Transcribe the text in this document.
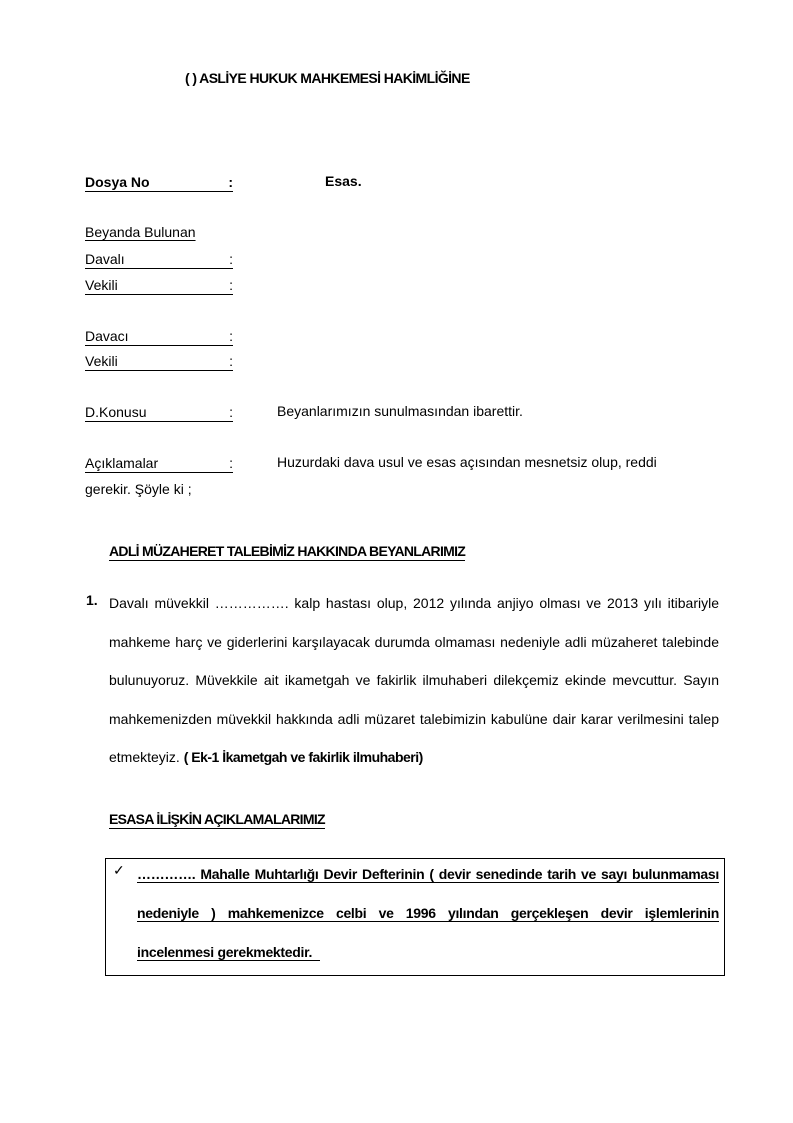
( ) ASLİYE HUKUK MAHKEMESİ HAKİMLİĞİNE
Dosya No	:	Esas.
Beyanda Bulunan
Davalı	:
Vekili	:
Davacı	:
Vekili	:
D.Konusu	:	Beyanlarımızın sunulmasından ibarettir.
Açıklamalar	:	Huzurdaki dava usul ve esas açısından mesnetsiz olup, reddi
gerekir. Şöyle ki ;
ADLİ MÜZAHERET TALEBİMİZ HAKKINDA BEYANLARIMIZ
1. Davalı müvekkil ……………. kalp hastası olup, 2012 yılında anjiyo olması ve 2013 yılı itibariyle mahkeme harç ve giderlerini karşılayacak durumda olmaması nedeniyle adli müzaheret talebinde bulunuyoruz. Müvekkile ait ikametgah ve fakirlik ilmuhaberi dilekçemiz ekinde mevcuttur. Sayın mahkemenizden müvekkil hakkında adli müzaret talebimizin kabulüne dair karar verilmesini talep etmekteyiz. ( Ek-1 İkametgah ve fakirlik ilmuhaberi)
ESASA İLİŞKİN AÇIKLAMALARIMIZ
✓ …………. Mahalle Muhtarlığı Devir Defterinin ( devir senedinde tarih ve sayı bulunmaması nedeniyle ) mahkemenizce celbi ve 1996 yılından gerçekleşen devir işlemlerinin incelenmesi gerekmektedir.
